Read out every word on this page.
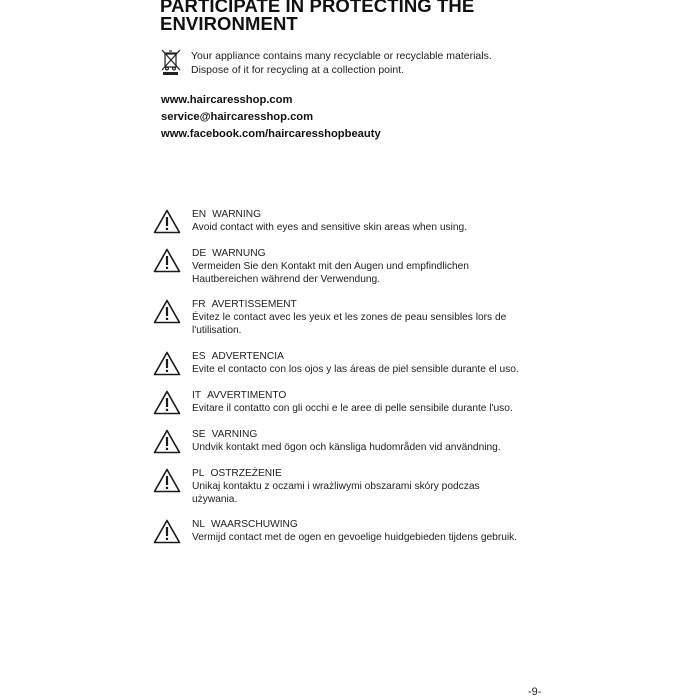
PARTICIPATE IN PROTECTING THE ENVIRONMENT
Your appliance contains many recyclable or recyclable materials. Dispose of it for recycling at a collection point.
www.haircaresshop.com
service@haircaresshop.com
www.facebook.com/haircaresshopbeauty
EN WARNING
Avoid contact with eyes and sensitive skin areas when using.
DE WARNUNG
Vermeiden Sie den Kontakt mit den Augen und empfindlichen Hautbereichen während der Verwendung.
FR AVERTISSEMENT
Évitez le contact avec les yeux et les zones de peau sensibles lors de l'utilisation.
ES ADVERTENCIA
Evite el contacto con los ojos y las áreas de piel sensible durante el uso.
IT AVVERTIMENTO
Evitare il contatto con gli occhi e le aree di pelle sensibile durante l'uso.
SE VARNING
Undvik kontakt med ögon och känsliga hudområden vid användning.
PL OSTRZEŻENIE
Unikaj kontaktu z oczami i wrażliwymi obszarami skóry podczas używania.
NL WAARSCHUWING
Vermijd contact met de ogen en gevoelige huidgebieden tijdens gebruik.
-9-
